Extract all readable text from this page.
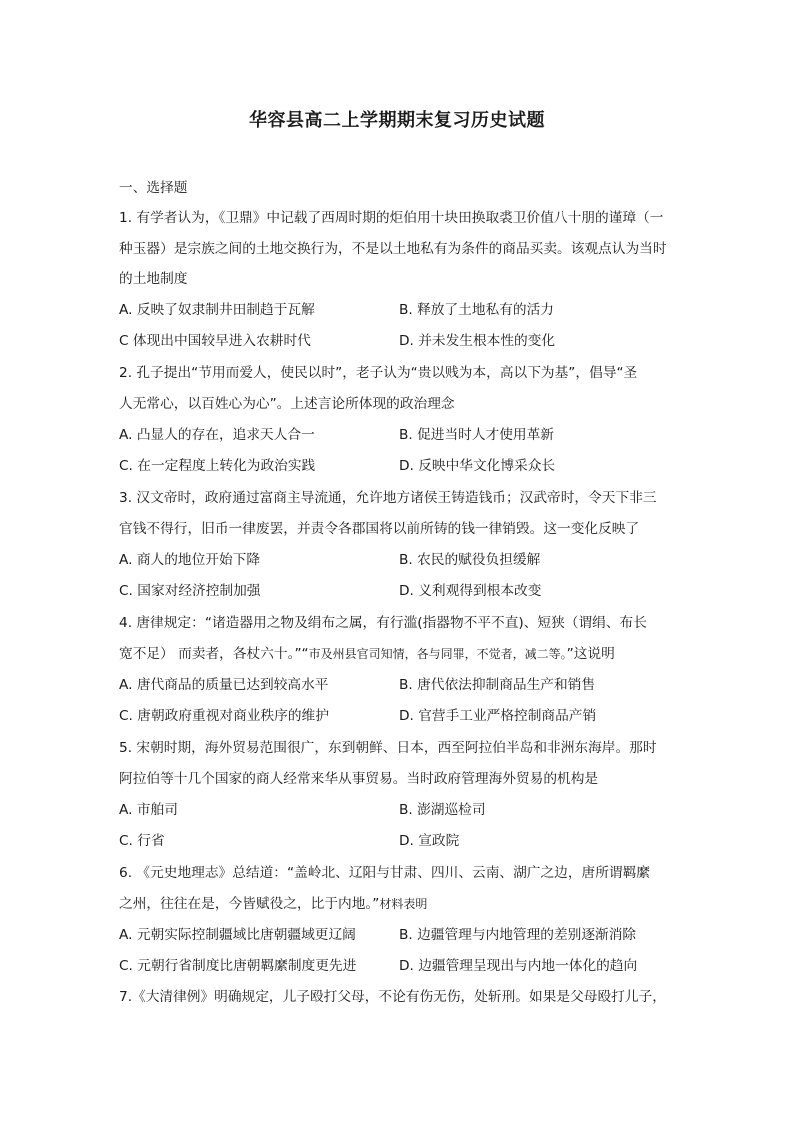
华容县高二上学期期末复习历史试题
一、选择题
1. 有学者认为，《卫鼎》中记载了西周时期的炬伯用十块田换取裘卫价值八十朋的谨璋（一
种玉器）是宗族之间的土地交换行为，不是以土地私有为条件的商品买卖。该观点认为当时
的土地制度
A. 反映了奴隶制井田制趋于瓦解	B. 释放了土地私有的活力
C 体现出中国较早进入农耕时代	D. 并未发生根本性的变化
2. 孔子提出“节用而爱人，使民以时”，老子认为“贵以贱为本，高以下为基”，倡导“圣
人无常心，以百姓心为心”。上述言论所体现的政治理念
A. 凸显人的存在，追求天人合一	B. 促进当时人才使用革新
C. 在一定程度上转化为政治实践	D. 反映中华文化博采众长
3. 汉文帝时，政府通过富商主导流通，允许地方诸侯王铸造钱币；汉武帝时，令天下非三
官钱不得行，旧币一律废罢，并责令各郡国将以前所铸的钱一律销毁。这一变化反映了
A. 商人的地位开始下降	B. 农民的赋役负担缓解
C. 国家对经济控制加强	D. 义利观得到根本改变
4. 唐律规定：“诸造器用之物及绢布之属，有行滥(指器物不平不直)、短狭（谓绢、布长
宽不足） 而卖者，各杖六十。”“市及州县官司知情，各与同罪，不觉者，减二等。”这说明
A. 唐代商品的质量已达到较高水平	B. 唐代依法抑制商品生产和销售
C. 唐朝政府重视对商业秩序的维护	D. 官营手工业严格控制商品产销
5. 宋朝时期，海外贸易范围很广，东到朝鲜、日本，西至阿拉伯半岛和非洲东海岸。那时
阿拉伯等十几个国家的商人经常来华从事贸易。当时政府管理海外贸易的机构是
A. 市舶司	B. 澎湖巡检司
C. 行省	D. 宣政院
6. 《元史地理志》总结道：“盖岭北、辽阳与甘肃、四川、云南、湖广之边，唐所谓羁縻
之州，往往在是，今皆赋役之，比于内地。”材料表明
A. 元朝实际控制疆域比唐朝疆域更辽阔	B. 边疆管理与内地管理的差别逐渐消除
C. 元朝行省制度比唐朝羁縻制度更先进	D. 边疆管理呈现出与内地一体化的趋向
7.《大清律例》明确规定，儿子殴打父母，不论有伤无伤，处斩刑。如果是父母殴打儿子，
